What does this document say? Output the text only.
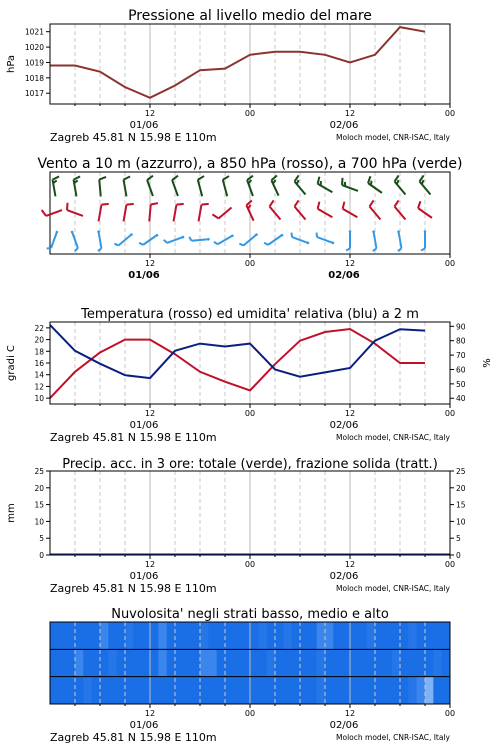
Pressione al livello medio del mare
1017
1018
1019
1020
1021
hPa
12	00	12	00
01/06	02/06
Zagreb 45.81 N 15.98 E 110m	Moloch model, CNR-ISAC, Italy
Vento a 10 m (azzurro), a 850 hPa (rosso), a 700 hPa (verde)
12	00	12	00
01/06	02/06
Temperatura (rosso) ed umidita' relativa (blu) a 2 m
10
12
14
16
18
20
22
40
50
60
70
80
90
gradi C	%
12	00	12	00
01/06	02/06
Zagreb 45.81 N 15.98 E 110m	Moloch model, CNR-ISAC, Italy
Precip. acc. in 3 ore: totale (verde), frazione solida (tratt.)
0
5
10
15
20
25
0
5
10
15
20
25
mm
12	00	12	00
01/06	02/06
Zagreb 45.81 N 15.98 E 110m	Moloch model, CNR-ISAC, Italy
Nuvolosita' negli strati basso, medio e alto
12	00	12	00
01/06	02/06
Zagreb 45.81 N 15.98 E 110m	Moloch model, CNR-ISAC, Italy
